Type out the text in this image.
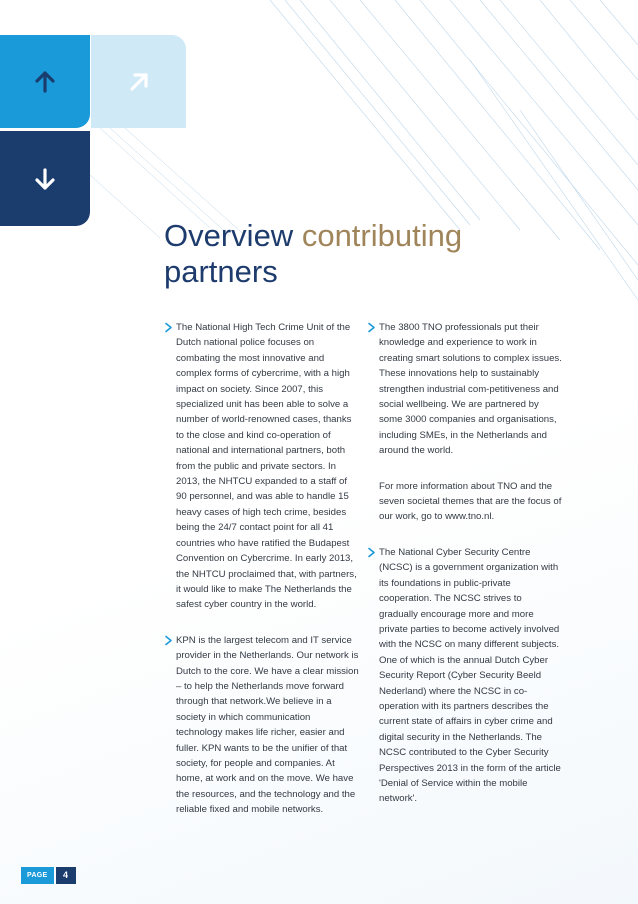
Overview contributing
partners

The National High Tech Crime Unit of the Dutch national police focuses on combating the most innovative and complex forms of cybercrime, with a high impact on society. Since 2007, this specialized unit has been able to solve a number of world-renowned cases, thanks to the close and kind co-operation of national and international partners, both from the public and private sectors. In 2013, the NHTCU expanded to a staff of 90 personnel, and was able to handle 15 heavy cases of high tech crime, besides being the 24/7 contact point for all 41 countries who have ratified the Budapest Convention on Cybercrime. In early 2013, the NHTCU proclaimed that, with partners, it would like to make The Netherlands the safest cyber country in the world.

KPN is the largest telecom and IT service provider in the Netherlands. Our network is Dutch to the core. We have a clear mission – to help the Netherlands move forward through that network.We believe in a society in which communication technology makes life richer, easier and fuller. KPN wants to be the unifier of that society, for people and companies. At home, at work and on the move. We have the resources, and the technology and the reliable fixed and mobile networks.

The 3800 TNO professionals put their knowledge and experience to work in creating smart solutions to complex issues. These innovations help to sustainably strengthen industrial com-petitiveness and social wellbeing. We are partnered by some 3000 companies and organisations, including SMEs, in the Netherlands and around the world.

For more information about TNO and the seven societal themes that are the focus of our work, go to www.tno.nl.

The National Cyber Security Centre (NCSC) is a government organization with its foundations in public-private cooperation. The NCSC strives to gradually encourage more and more private parties to become actively involved with the NCSC on many different subjects. One of which is the annual Dutch Cyber Security Report (Cyber Security Beeld Nederland) where the NCSC in co-operation with its partners describes the current state of affairs in cyber crime and digital security in the Netherlands. The NCSC contributed to the Cyber Security Perspectives 2013 in the form of the article 'Denial of Service within the mobile network'.

PAGE	4
